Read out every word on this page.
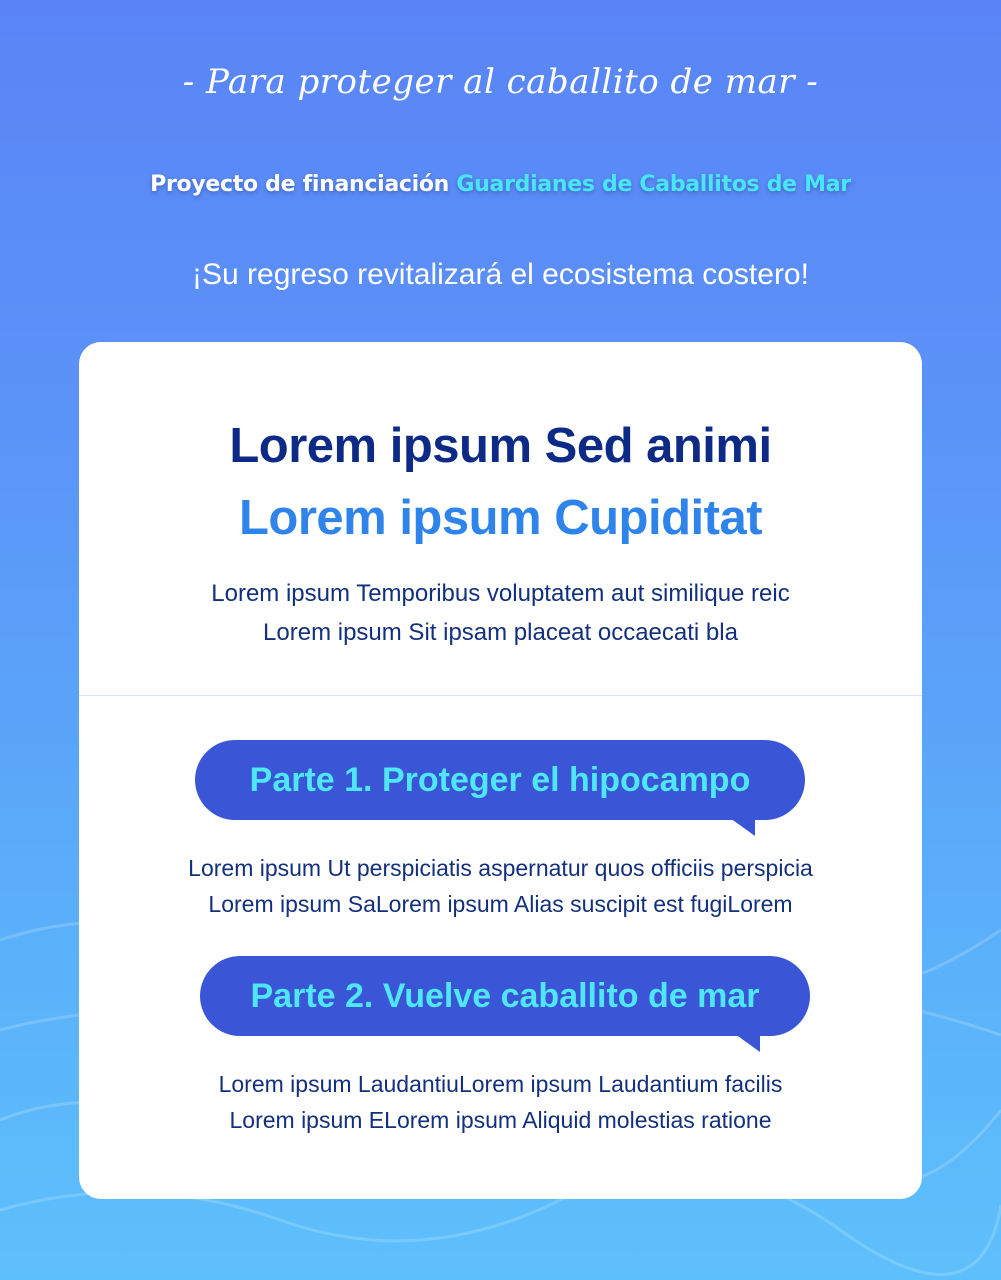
- Para proteger al caballito de mar -
Proyecto de financiación Guardianes de Caballitos de Mar
¡Su regreso revitalizará el ecosistema costero!
Lorem ipsum Sed animi
Lorem ipsum Cupiditat
Lorem ipsum Temporibus voluptatem aut similique reic
Lorem ipsum Sit ipsam placeat occaecati bla
Parte 1. Proteger el hipocampo
Lorem ipsum Ut perspiciatis aspernatur quos officiis perspicia
Lorem ipsum SaLorem ipsum Alias suscipit est fugiLorem
Parte 2. Vuelve caballito de mar
Lorem ipsum LaudantiuLorem ipsum Laudantium facilis
Lorem ipsum ELorem ipsum Aliquid molestias ratione
